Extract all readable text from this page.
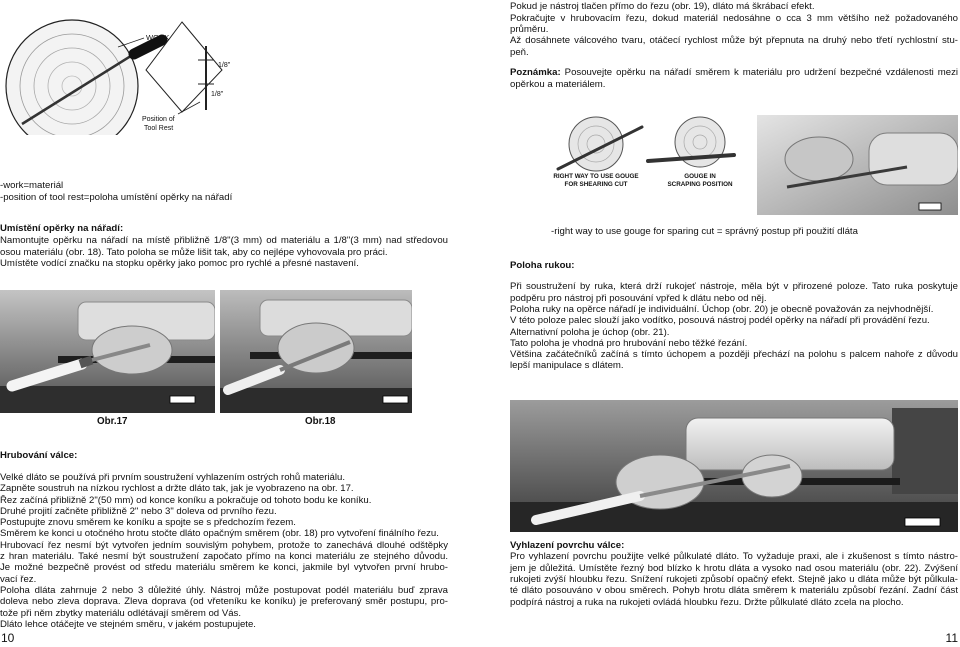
WORK
1/8"
1/8"
Position of
Tool Rest
-work=materiál
-position of tool rest=poloha umístění opěrky na nářadí
Umístění opěrky na nářadí:
Namontujte opěrku na nářadí na místě přibližně 1/8"(3 mm) od materiálu a 1/8"(3 mm) nad středovou
osou materiálu (obr. 18). Tato poloha se může lišit tak, aby co nejlépe vyhovovala pro práci.
Umístěte vodící značku na stopku opěrky jako pomoc pro rychlé a přesné nastavení.
Obr.17	Obr.18
Hrubování válce:
Velké dláto se používá při prvním soustružení vyhlazením ostrých rohů materiálu.
Zapněte soustruh na nízkou rychlost a držte dláto tak, jak je vyobrazeno na obr. 17.
Řez začíná přibližně 2"(50 mm) od konce koníku a pokračuje od tohoto bodu ke koníku.
Druhé projití začněte přibližně 2" nebo 3" doleva od prvního řezu.
Postupujte znovu směrem ke koníku a spojte se s předchozím řezem.
Směrem ke konci u otočného hrotu stočte dláto opačným směrem (obr. 18) pro vytvoření finálního řezu.
Hrubovací řez nesmí být vytvořen jedním souvislým pohybem, protože to zanechává dlouhé odštěpky
z hran materiálu. Také nesmí být soustružení započato přímo na konci materiálu ze stejného důvodu.
Je možné bezpečně provést od středu materiálu směrem ke konci, jakmile byl vytvořen první hrubo-
vací řez.
Poloha dláta zahrnuje 2 nebo 3 důležité úhly. Nástroj může postupovat podél materiálu buď zprava
doleva nebo zleva doprava. Zleva doprava (od vřeteníku ke koníku) je preferovaný směr postupu, pro-
tože při něm zbytky materiálu odlétávají směrem od Vás.
Dláto lehce otáčejte ve stejném směru, v jakém postupujete.
10
Pokud je nástroj tlačen přímo do řezu (obr. 19), dláto má škrábací efekt.
Pokračujte v hrubovacím řezu, dokud materiál nedosáhne o cca 3 mm většího než požadovaného
průměru.
Až dosáhnete válcového tvaru, otáčecí rychlost může být přepnuta na druhý nebo třetí rychlostní stu-
peň.
Poznámka: Posouvejte opěrku na nářadí směrem k materiálu pro udržení bezpečné vzdálenosti mezi
opěrkou a materiálem.
RIGHT WAY TO USE GOUGE
FOR SHEARING CUT
GOUGE IN
SCRAPING POSITION
-right way to use gouge for sparing cut = správný postup při použití dláta
Poloha rukou:
Při soustružení by ruka, která drží rukojeť nástroje, měla být v přirozené poloze. Tato ruka poskytuje
podpěru pro nástroj při posouvání vpřed k dlátu nebo od něj.
Poloha ruky na opěrce nářadí je individuální. Úchop (obr. 20) je obecně považován za nejvhodnější.
V této poloze palec slouží jako vodítko, posouvá nástroj podél opěrky na nářadí při provádění řezu.
Alternativní poloha je úchop (obr. 21).
Tato poloha je vhodná pro hrubování nebo těžké řezání.
Většina začátečníků začíná s tímto úchopem a později přechází na polohu s palcem nahoře z důvodu
lepší manipulace s dlátem.
Vyhlazení povrchu válce:
Pro vyhlazení povrchu použijte velké půlkulaté dláto. To vyžaduje praxi, ale i zkušenost s tímto nástro-
jem je důležitá. Umístěte řezný bod blízko k hrotu dláta a vysoko nad osou materiálu (obr. 22). Zvýšení
rukojeti zvýší hloubku řezu. Snížení rukojeti způsobí opačný efekt. Stejně jako u dláta může být půlkula-
té dláto posouváno v obou směrech. Pohyb hrotu dláta směrem k materiálu způsobí řezání. Zadní část
podpírá nástroj a ruka na rukojeti ovládá hloubku řezu. Držte půlkulaté dláto zcela na plocho.
11
